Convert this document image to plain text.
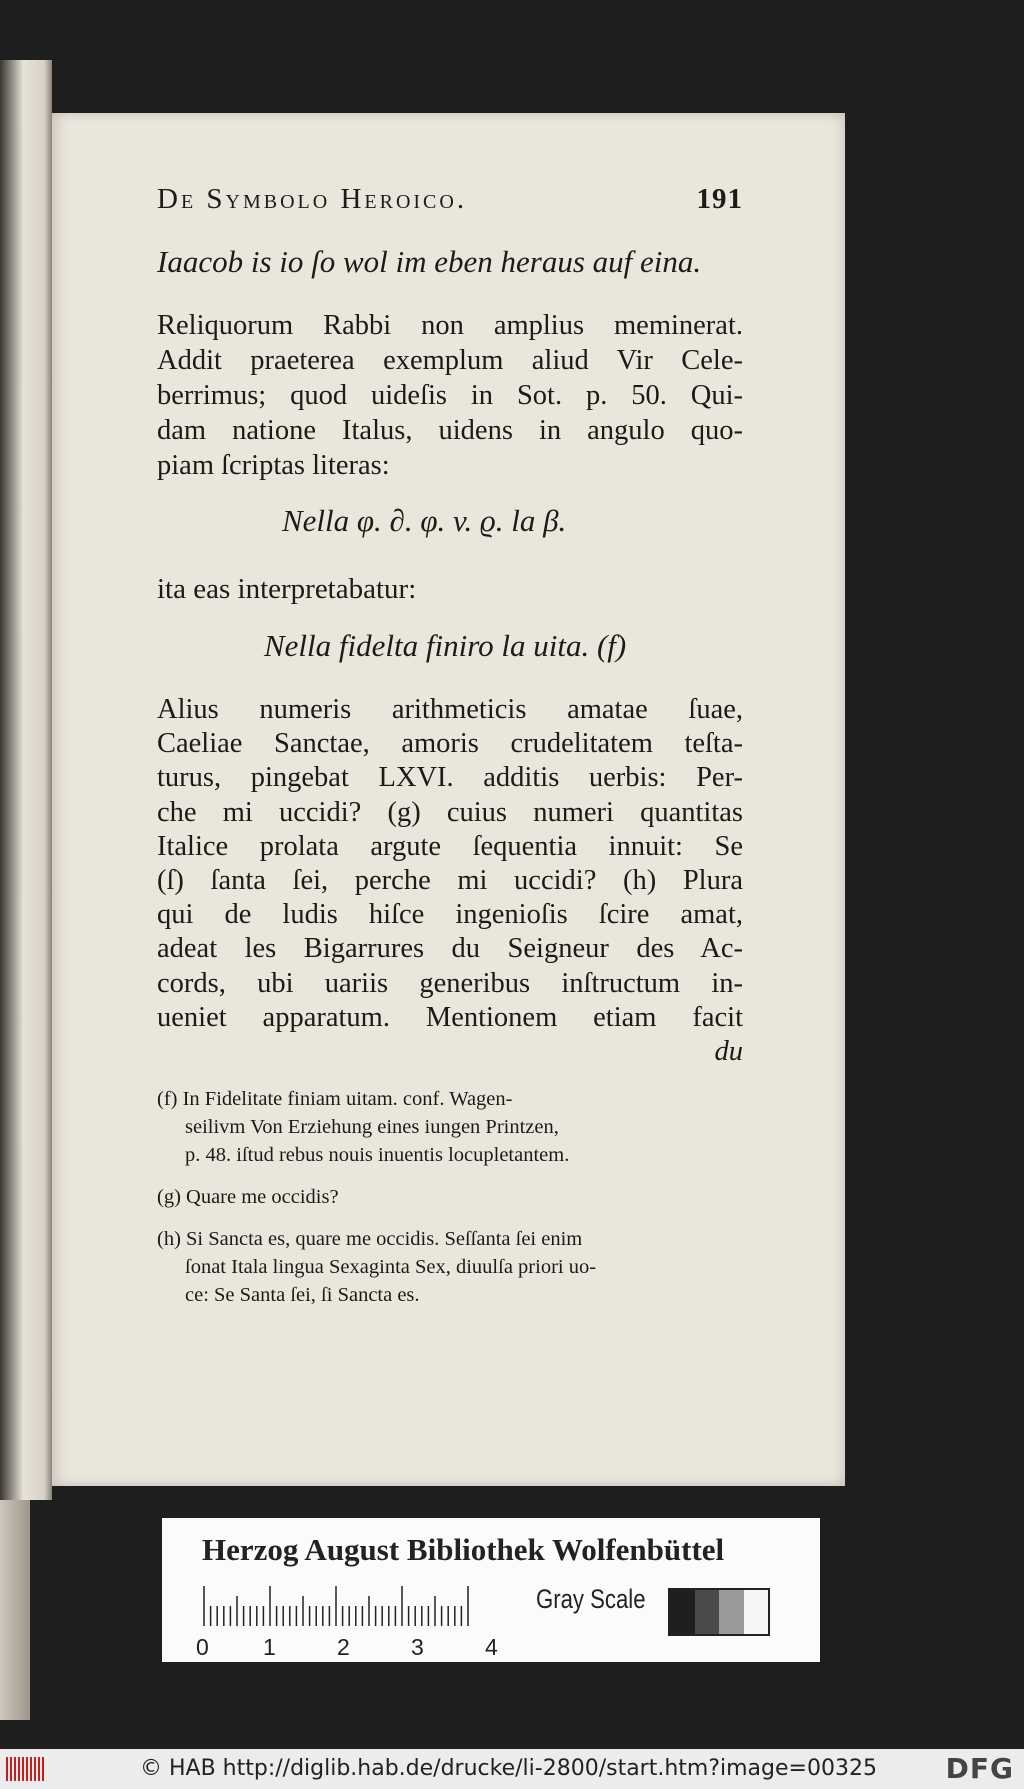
De Symbolo Heroico.	191
Iaacob is io ſo wol im eben heraus auf eina.
Reliquorum Rabbi non amplius meminerat.
Addit praeterea exemplum aliud Vir Cele-
berrimus; quod uideſis in Sot. p. 50. Qui-
dam natione Italus, uidens in angulo quo-
piam ſcriptas literas:
Nella φ. ∂. φ. v. ϱ. la β.
ita eas interpretabatur:
Nella fidelta finiro la uita. (f)
Alius numeris arithmeticis amatae ſuae,
Caeliae Sanctae, amoris crudelitatem teſta-
turus, pingebat LXVI. additis uerbis: Per-
che mi uccidi? (g) cuius numeri quantitas
Italice prolata argute ſequentia innuit: Se
(ſ) ſanta ſei, perche mi uccidi? (h) Plura
qui de ludis hiſce ingenioſis ſcire amat,
adeat les Bigarrures du Seigneur des Ac-
cords, ubi uariis generibus inſtructum in-
ueniet apparatum. Mentionem etiam facit
du
(f) In Fidelitate finiam uitam. conf. Wagen-
seilivm Von Erziehung eines iungen Printzen,
p. 48. iſtud rebus nouis inuentis locupletantem.
(g) Quare me occidis?
(h) Si Sancta es, quare me occidis. Seſſanta ſei enim
ſonat Itala lingua Sexaginta Sex, diuulſa priori uo-
ce: Se Santa ſei, ſi Sancta es.
Herzog August Bibliothek Wolfenbüttel
0 1	2	3	4
Gray Scale
© HAB http://diglib.hab.de/drucke/li-2800/start.htm?image=00325 DFG
